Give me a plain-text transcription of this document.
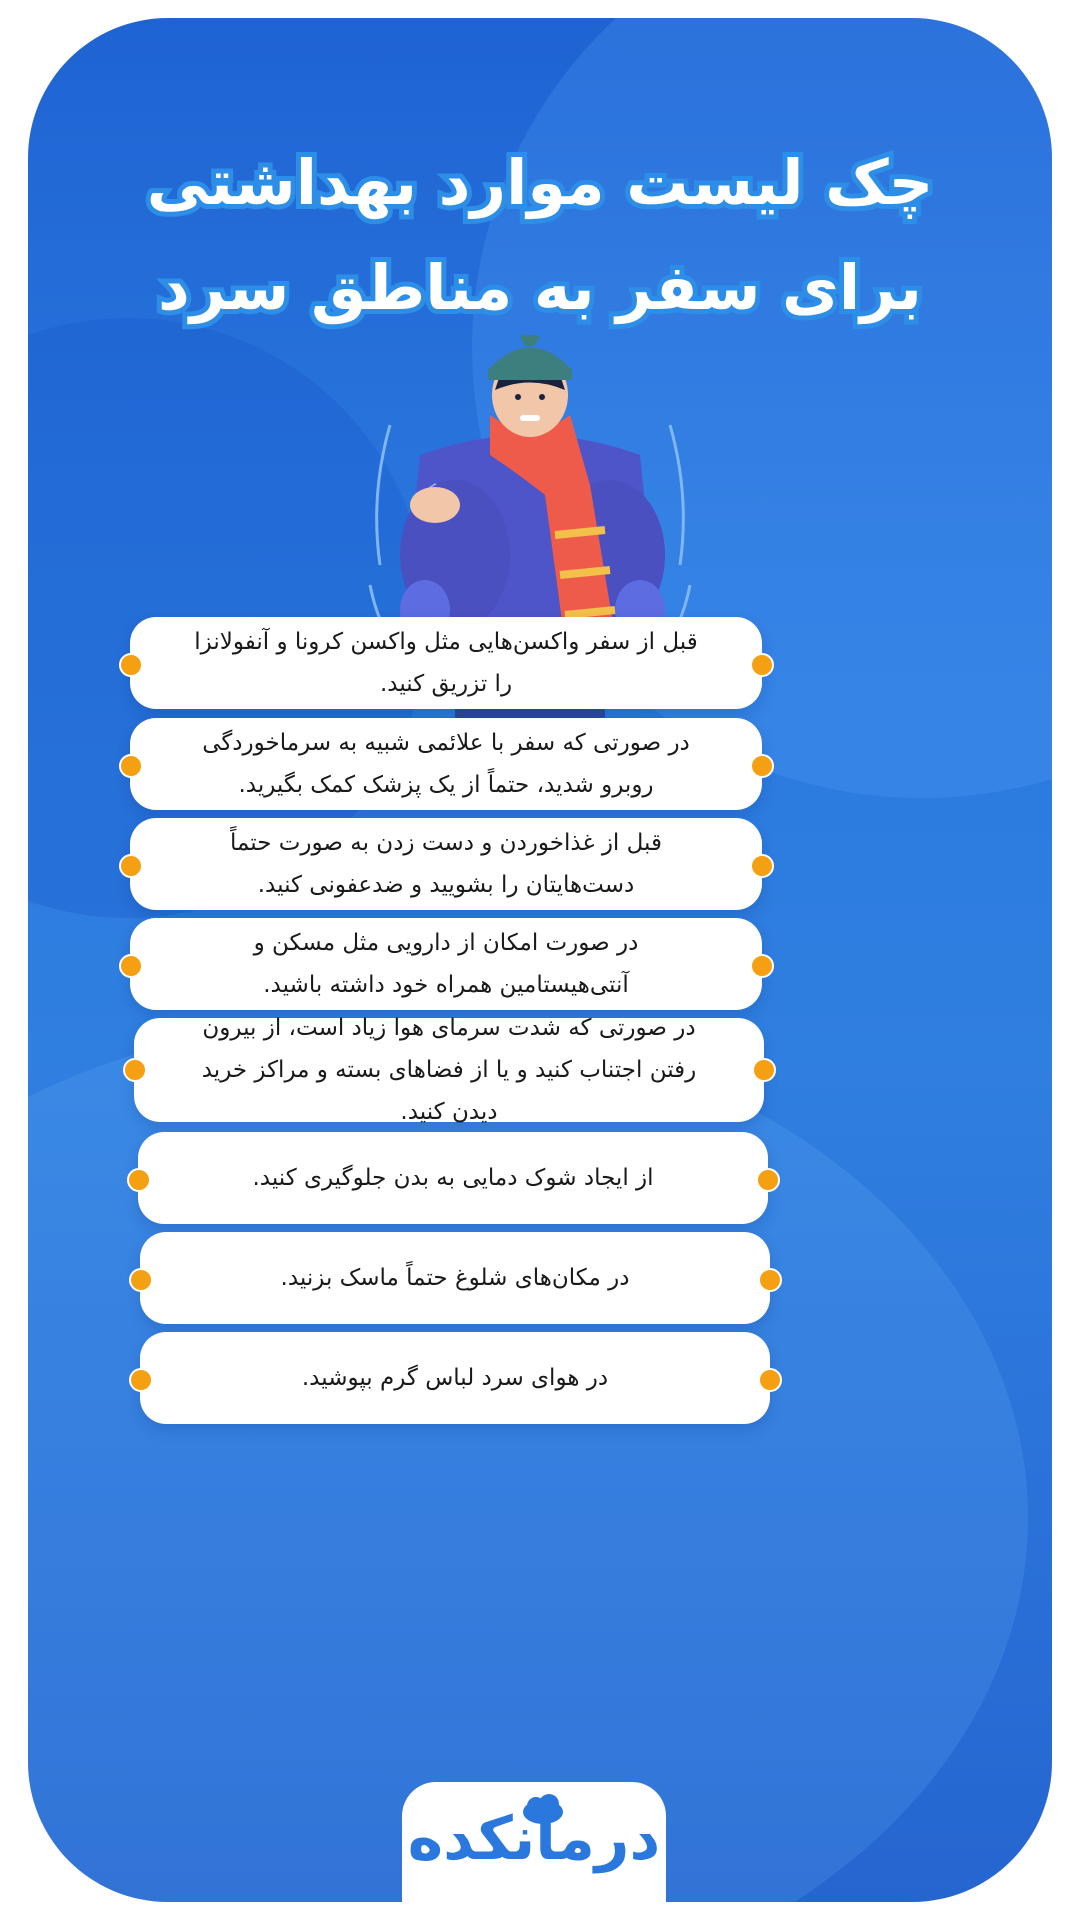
چک لیست موارد بهداشتی
برای سفر به مناطق سرد
قبل از سفر واکسن‌هایی مثل واکسن کرونا و آنفولانزا را تزریق کنید.
در صورتی که سفر با علائمی شبیه به سرماخوردگی روبرو شدید، حتماً از یک پزشک کمک بگیرید.
قبل از غذاخوردن و دست زدن به صورت حتماً دست‌هایتان را بشویید و ضدعفونی کنید.
در صورت امکان از دارویی مثل مسکن و آنتی‌هیستامین همراه خود داشته باشید.
در صورتی که شدت سرمای هوا زیاد است، از بیرون رفتن اجتناب کنید و یا از فضاهای بسته و مراکز خرید دیدن کنید.
از ایجاد شوک دمایی به بدن جلوگیری کنید.
در مکان‌های شلوغ حتماً ماسک بزنید.
در هوای سرد لباس گرم بپوشید.
درمانکده
